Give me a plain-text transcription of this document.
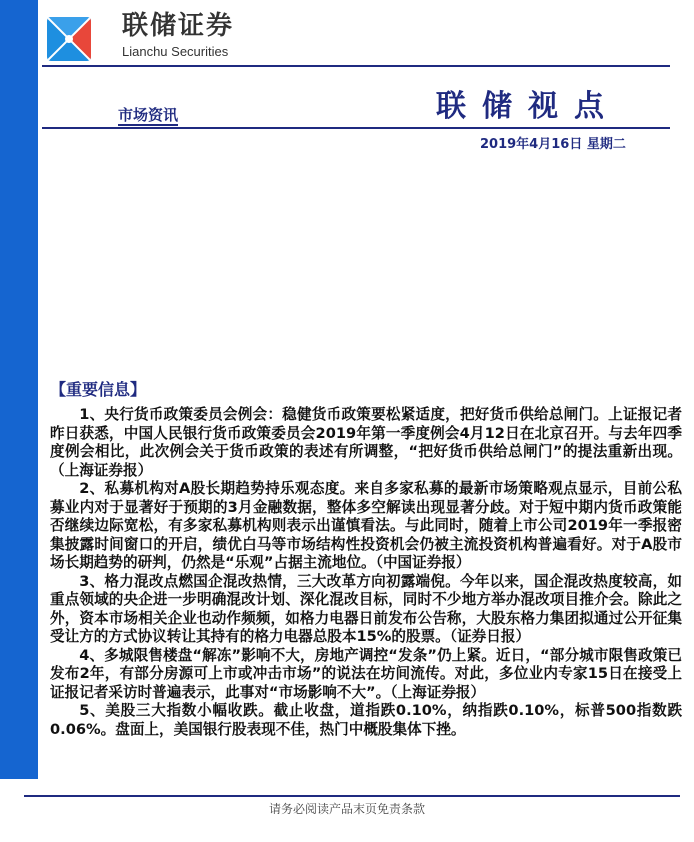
联储证券
Lianchu Securities
市场资讯	联储视点
2019年4月16日 星期二
【重要信息】

1、央行货币政策委员会例会：稳健货币政策要松紧适度，把好货币供给总闸门。上证报记者昨日获悉，中国人民银行货币政策委员会2019年第一季度例会4月12日在北京召开。与去年四季度例会相比，此次例会关于货币政策的表述有所调整，“把好货币供给总闸门”的提法重新出现。（上海证券报）

2、私募机构对A股长期趋势持乐观态度。来自多家私募的最新市场策略观点显示，目前公私募业内对于显著好于预期的3月金融数据，整体多空解读出现显著分歧。对于短中期内货币政策能否继续边际宽松，有多家私募机构则表示出谨慎看法。与此同时，随着上市公司2019年一季报密集披露时间窗口的开启，绩优白马等市场结构性投资机会仍被主流投资机构普遍看好。对于A股市场长期趋势的研判，仍然是“乐观”占据主流地位。（中国证券报）

3、格力混改点燃国企混改热情，三大改革方向初露端倪。今年以来，国企混改热度较高，如重点领域的央企进一步明确混改计划、深化混改目标，同时不少地方举办混改项目推介会。除此之外，资本市场相关企业也动作频频，如格力电器日前发布公告称，大股东格力集团拟通过公开征集受让方的方式协议转让其持有的格力电器总股本15%的股票。（证券日报）

4、多城限售楼盘“解冻”影响不大，房地产调控“发条”仍上紧。近日，“部分城市限售政策已发布2年，有部分房源可上市或冲击市场”的说法在坊间流传。对此，多位业内专家15日在接受上证报记者采访时普遍表示，此事对“市场影响不大”。（上海证券报）

5、美股三大指数小幅收跌。截止收盘，道指跌0.10%，纳指跌0.10%，标普500指数跌0.06%。盘面上，美国银行股表现不佳，热门中概股集体下挫。

请务必阅读产品末页免责条款
